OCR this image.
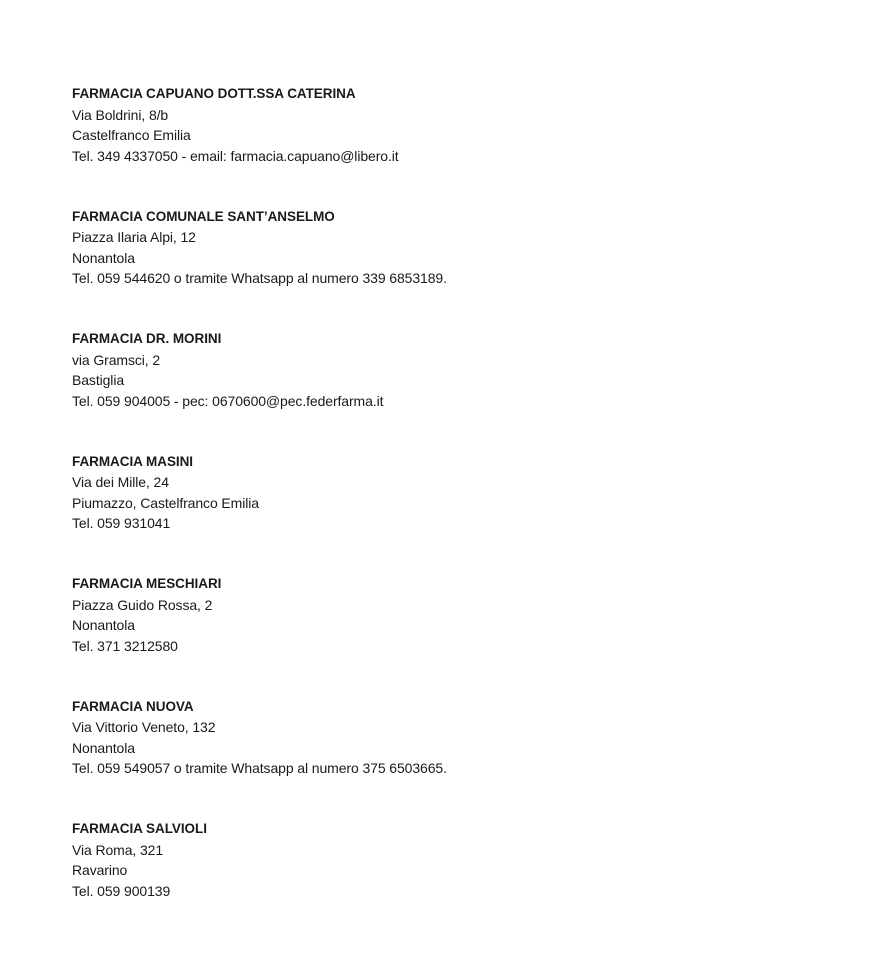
FARMACIA CAPUANO DOTT.SSA CATERINA
Via Boldrini, 8/b
Castelfranco Emilia
Tel. 349 4337050 - email: farmacia.capuano@libero.it
FARMACIA COMUNALE SANT’ANSELMO
Piazza Ilaria Alpi, 12
Nonantola
Tel. 059 544620 o tramite Whatsapp al numero 339 6853189.
FARMACIA DR. MORINI
via Gramsci, 2
Bastiglia
Tel. 059 904005 - pec: 0670600@pec.federfarma.it
FARMACIA MASINI
Via dei Mille, 24
Piumazzo, Castelfranco Emilia
Tel. 059 931041
FARMACIA MESCHIARI
Piazza Guido Rossa, 2
Nonantola
Tel. 371 3212580
FARMACIA NUOVA
Via Vittorio Veneto, 132
Nonantola
Tel. 059 549057 o tramite Whatsapp al numero 375 6503665.
FARMACIA SALVIOLI
Via Roma, 321
Ravarino
Tel. 059 900139
